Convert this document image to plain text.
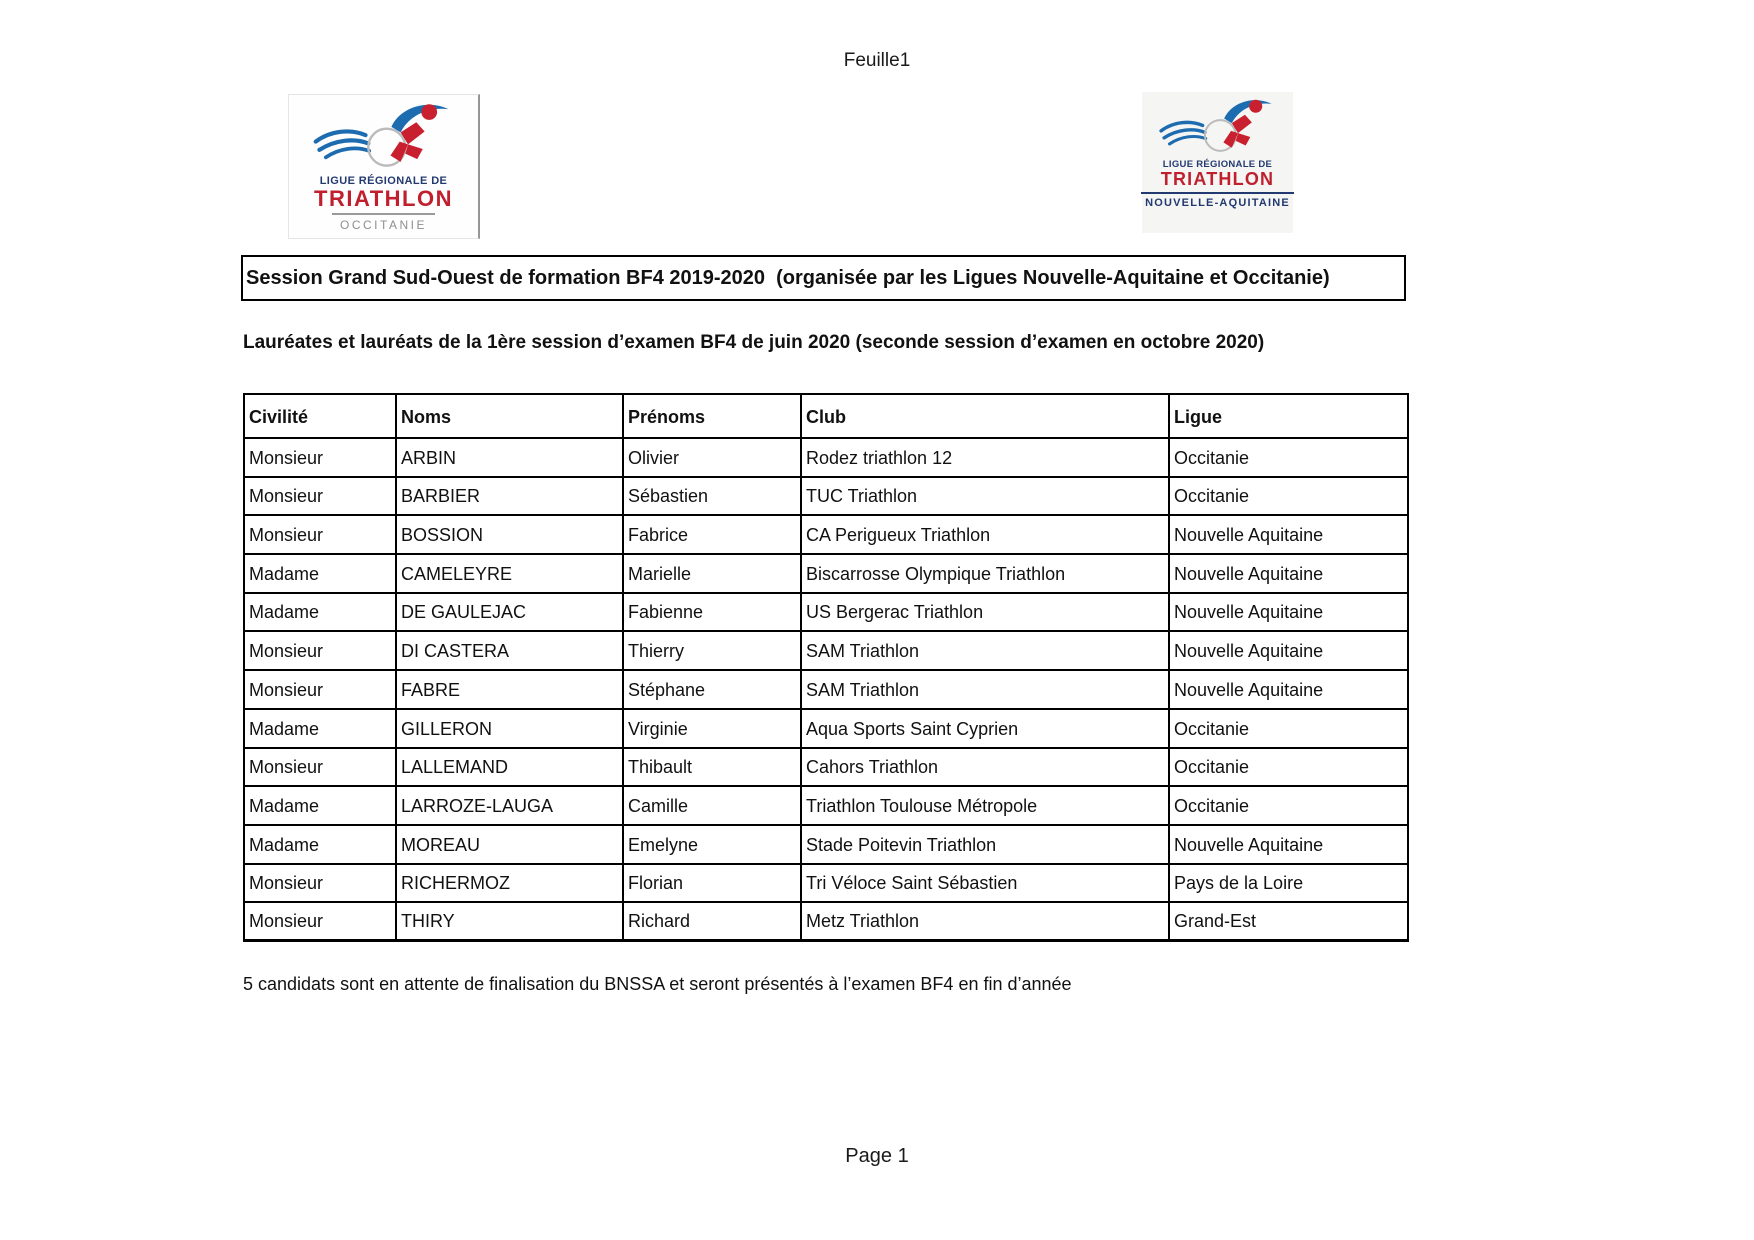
Feuille1
LIGUE RÉGIONALE DE
TRIATHLON
OCCITANIE
LIGUE RÉGIONALE DE
TRIATHLON
NOUVELLE-AQUITAINE
Session Grand Sud-Ouest de formation BF4 2019-2020  (organisée par les Ligues Nouvelle-Aquitaine et Occitanie)
Lauréates et lauréats de la 1ère session d’examen BF4 de juin 2020 (seconde session d’examen en octobre 2020)
Civilité	Noms	Prénoms	Club	Ligue
Monsieur	ARBIN	Olivier	Rodez triathlon 12	Occitanie
Monsieur	BARBIER	Sébastien	TUC Triathlon	Occitanie
Monsieur	BOSSION	Fabrice	CA Perigueux Triathlon	Nouvelle Aquitaine
Madame	CAMELEYRE	Marielle	Biscarrosse Olympique Triathlon	Nouvelle Aquitaine
Madame	DE GAULEJAC	Fabienne	US Bergerac Triathlon	Nouvelle Aquitaine
Monsieur	DI CASTERA	Thierry	SAM Triathlon	Nouvelle Aquitaine
Monsieur	FABRE	Stéphane	SAM Triathlon	Nouvelle Aquitaine
Madame	GILLERON	Virginie	Aqua Sports Saint Cyprien	Occitanie
Monsieur	LALLEMAND	Thibault	Cahors Triathlon	Occitanie
Madame	LARROZE-LAUGA	Camille	Triathlon Toulouse Métropole	Occitanie
Madame	MOREAU	Emelyne	Stade Poitevin Triathlon	Nouvelle Aquitaine
Monsieur	RICHERMOZ	Florian	Tri Véloce Saint Sébastien	Pays de la Loire
Monsieur	THIRY	Richard	Metz Triathlon	Grand-Est
5 candidats sont en attente de finalisation du BNSSA et seront présentés à l’examen BF4 en fin d’année
Page 1
